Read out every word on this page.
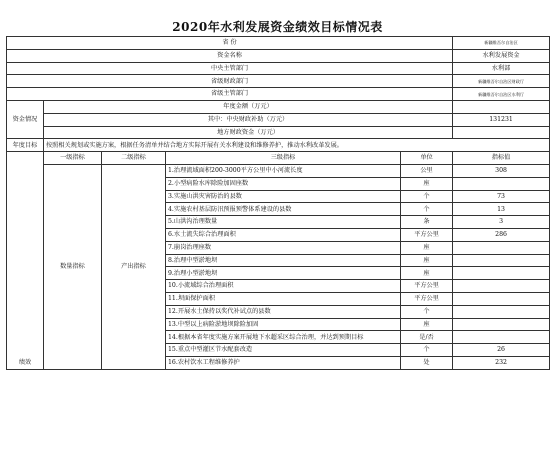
2020年水利发展资金绩效目标情况表
省 份					新疆维吾尔自治区
资金名称					水利发展资金
中央主管部门					水利部
省级财政部门					新疆维吾尔自治区财政厅
省级主管部门					新疆维吾尔自治区水利厅
资金情况	年度金额（万元）				
	其中：中央财政补助（万元）				131231
	地方财政资金（万元）				
年度目标	按照相关规划或实施方案，根据任务清单并结合地方实际开展有关水利建设和维修养护，推动水利改革发展。				
绩效	一级指标	二级指标	三级指标	单位	指标值
	数量指标	产出指标	1.治理流域面积200-3000平方公里中小河流长度	公里	308
			2.小型病险水库除险加固座数	座	
			3.实施山洪灾害防治的县数	个	73
			4.实施农村基层防汛预报预警体系建设的县数	个	13
			5.山洪沟治理数量	条	3
			6.水土流失综合治理面积	平方公里	286
			7.崩岗治理座数	座	
			8.治理中型淤地坝	座	
			9.治理小型淤地坝	座	
			10.小流域综合治理面积	平方公里	
			11.坝面保护面积	平方公里	
			12.开展水土保持以奖代补试点的县数	个	
			13.中型以上病险淤地坝除险加固	座	
			14.根据本省年度实施方案开展地下水超采区综合治理，并达到预期目标	是/否	
			15.重点中型灌区节水配套改造	个	26
			16.农村饮水工程维修养护	处	232
